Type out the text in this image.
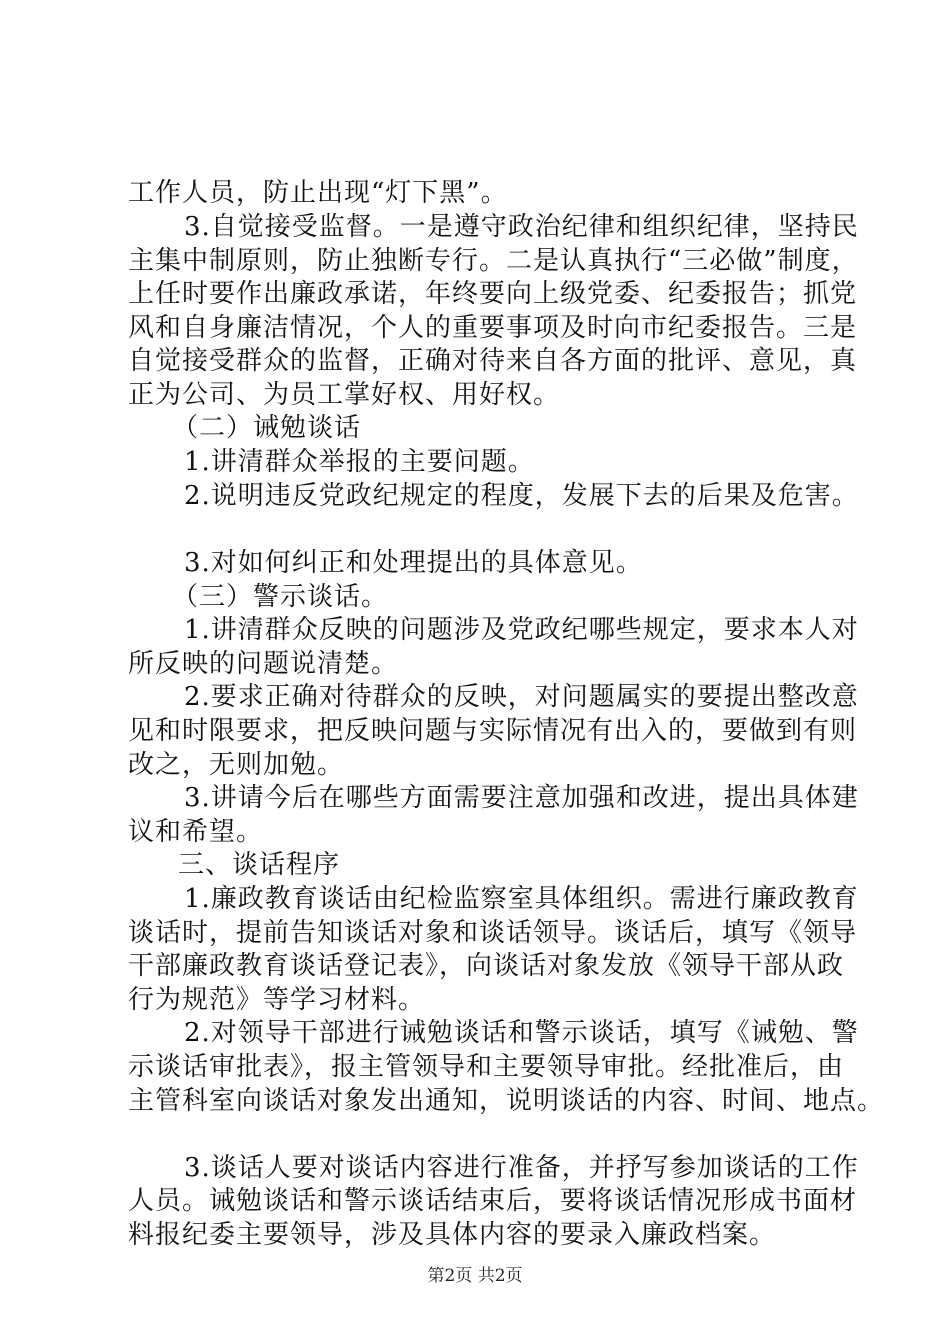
工作人员，防止出现“灯下黑”。
3.自觉接受监督。一是遵守政治纪律和组织纪律，坚持民
主集中制原则，防止独断专行。二是认真执行“三必做”制度，
上任时要作出廉政承诺，年终要向上级党委、纪委报告；抓党
风和自身廉洁情况，个人的重要事项及时向市纪委报告。三是
自觉接受群众的监督，正确对待来自各方面的批评、意见，真
正为公司、为员工掌好权、用好权。
（二）诫勉谈话
1.讲清群众举报的主要问题。
2.说明违反党政纪规定的程度，发展下去的后果及危害。
3.对如何纠正和处理提出的具体意见。
（三）警示谈话。
1.讲清群众反映的问题涉及党政纪哪些规定，要求本人对
所反映的问题说清楚。
2.要求正确对待群众的反映，对问题属实的要提出整改意
见和时限要求，把反映问题与实际情况有出入的，要做到有则
改之，无则加勉。
3.讲请今后在哪些方面需要注意加强和改进，提出具体建
议和希望。
三、谈话程序
1.廉政教育谈话由纪检监察室具体组织。需进行廉政教育
谈话时，提前告知谈话对象和谈话领导。谈话后，填写《领导
干部廉政教育谈话登记表》，向谈话对象发放《领导干部从政
行为规范》等学习材料。
2.对领导干部进行诫勉谈话和警示谈话，填写《诫勉、警
示谈话审批表》，报主管领导和主要领导审批。经批准后，由
主管科室向谈话对象发出通知，说明谈话的内容、时间、地点。
3.谈话人要对谈话内容进行准备，并抒写参加谈话的工作
人员。诫勉谈话和警示谈话结束后，要将谈话情况形成书面材
料报纪委主要领导，涉及具体内容的要录入廉政档案。
第2页 共2页
